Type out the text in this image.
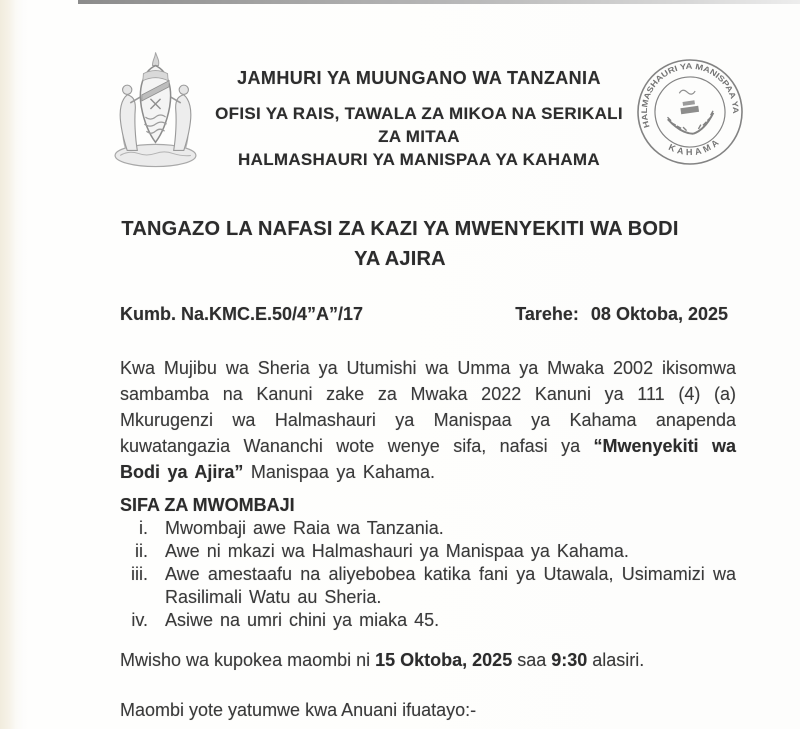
JAMHURI YA MUUNGANO WA TANZANIA
OFISI YA RAIS, TAWALA ZA MIKOA NA SERIKALI
ZA MITAA
HALMASHAURI YA MANISPAA YA KAHAMA
HALMASHAURI YA MANISPAA YA
KAHAMA
TANGAZO LA NAFASI ZA KAZI YA MWENYEKITI WA BODI
YA AJIRA
Kumb. Na.KMC.E.50/4”A”/17	Tarehe: 08 Oktoba, 2025

Kwa Mujibu wa Sheria ya Utumishi wa Umma ya Mwaka 2002 ikisomwa sambamba na Kanuni zake za Mwaka 2022 Kanuni ya 111 (4) (a) Mkurugenzi wa Halmashauri ya Manispaa ya Kahama anapenda kuwatangazia Wananchi wote wenye sifa, nafasi ya “Mwenyekiti wa Bodi ya Ajira” Manispaa ya Kahama.

SIFA ZA MWOMBAJI
i. Mwombaji awe Raia wa Tanzania.
ii. Awe ni mkazi wa Halmashauri ya Manispaa ya Kahama.
iii. Awe amestaafu na aliyebobea katika fani ya Utawala, Usimamizi wa Rasilimali Watu au Sheria.
iv. Asiwe na umri chini ya miaka 45.

Mwisho wa kupokea maombi ni 15 Oktoba, 2025 saa 9:30 alasiri.

Maombi yote yatumwe kwa Anuani ifuatayo:-
